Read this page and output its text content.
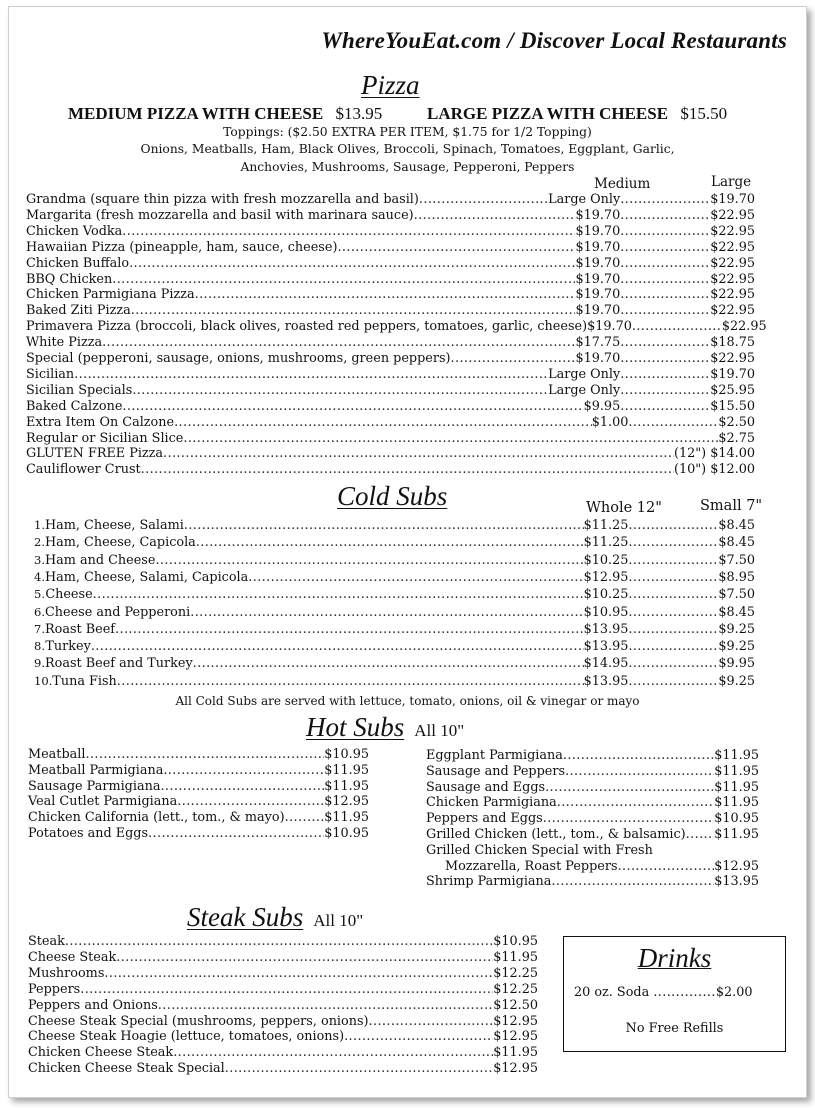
WhereYouEat.com / Discover Local Restaurants
Pizza
MEDIUM PIZZA WITH CHEESE $13.95	LARGE PIZZA WITH CHEESE $15.50
Toppings: ($2.50 EXTRA PER ITEM, $1.75 for 1/2 Topping)
Onions, Meatballs, Ham, Black Olives, Broccoli, Spinach, Tomatoes, Eggplant, Garlic,
Anchovies, Mushrooms, Sausage, Pepperoni, Peppers
Medium	Large
Grandma (square thin pizza with fresh mozzarella and basil) .....	Large Only .....	$19.70
Margarita (fresh mozzarella and basil with marinara sauce) .....	$19.70 .....	$22.95
Chicken Vodka .....	$19.70 .....	$22.95
Hawaiian Pizza (pineapple, ham, sauce, cheese) .....	$19.70 .....	$22.95
Chicken Buffalo .....	$19.70 .....	$22.95
BBQ Chicken .....	$19.70 .....	$22.95
Chicken Parmigiana Pizza .....	$19.70 .....	$22.95
Baked Ziti Pizza .....	$19.70 .....	$22.95
Primavera Pizza (broccoli, black olives, roasted red peppers, tomatoes, garlic, cheese) $19.70 .....	$22.95
White Pizza .....	$17.75 .....	$18.75
Special (pepperoni, sausage, onions, mushrooms, green peppers) .....	$19.70 .....	$22.95
Sicilian .....	Large Only .....	$19.70
Sicilian Specials .....	Large Only .....	$25.95
Baked Calzone .....	$9.95 .....	$15.50
Extra Item On Calzone .....	$1.00 .....	$2.50
Regular or Sicilian Slice .....	$2.75
GLUTEN FREE Pizza .....	(12") $14.00
Cauliflower Crust .....	(10") $12.00
Cold Subs	Whole 12"	Small 7"
1. Ham, Cheese, Salami .....	$11.25 .....	$8.45
2. Ham, Cheese, Capicola .....	$11.25 .....	$8.45
3. Ham and Cheese .....	$10.25 .....	$7.50
4. Ham, Cheese, Salami, Capicola .....	$12.95 .....	$8.95
5. Cheese .....	$10.25 .....	$7.50
6. Cheese and Pepperoni .....	$10.95 .....	$8.45
7. Roast Beef .....	$13.95 .....	$9.25
8. Turkey .....	$13.95 .....	$9.25
9. Roast Beef and Turkey .....	$14.95 .....	$9.95
10. Tuna Fish .....	$13.95 .....	$9.25
All Cold Subs are served with lettuce, tomato, onions, oil & vinegar or mayo
Hot Subs All 10"
Meatball .....	$10.95
Meatball Parmigiana .....	$11.95
Sausage Parmigiana .....	$11.95
Veal Cutlet Parmigiana .....	$12.95
Chicken California (lett., tom., & mayo) .....	$11.95
Potatoes and Eggs .....	$10.95
Eggplant Parmigiana .....	$11.95
Sausage and Peppers .....	$11.95
Sausage and Eggs .....	$11.95
Chicken Parmigiana .....	$11.95
Peppers and Eggs .....	$10.95
Grilled Chicken (lett., tom., & balsamic) ..... $11.95
Grilled Chicken Special with Fresh
Mozzarella, Roast Peppers .....	$12.95
Shrimp Parmigiana .....	$13.95
Steak Subs All 10"
Steak .....	$10.95
Cheese Steak .....	$11.95
Mushrooms .....	$12.25
Peppers .....	$12.25
Peppers and Onions .....	$12.50
Cheese Steak Special (mushrooms, peppers, onions) .....	$12.95
Cheese Steak Hoagie (lettuce, tomatoes, onions) .....	$12.95
Chicken Cheese Steak .....	$11.95
Chicken Cheese Steak Special .....	$12.95
Drinks
20 oz. Soda ..............$2.00
No Free Refills
